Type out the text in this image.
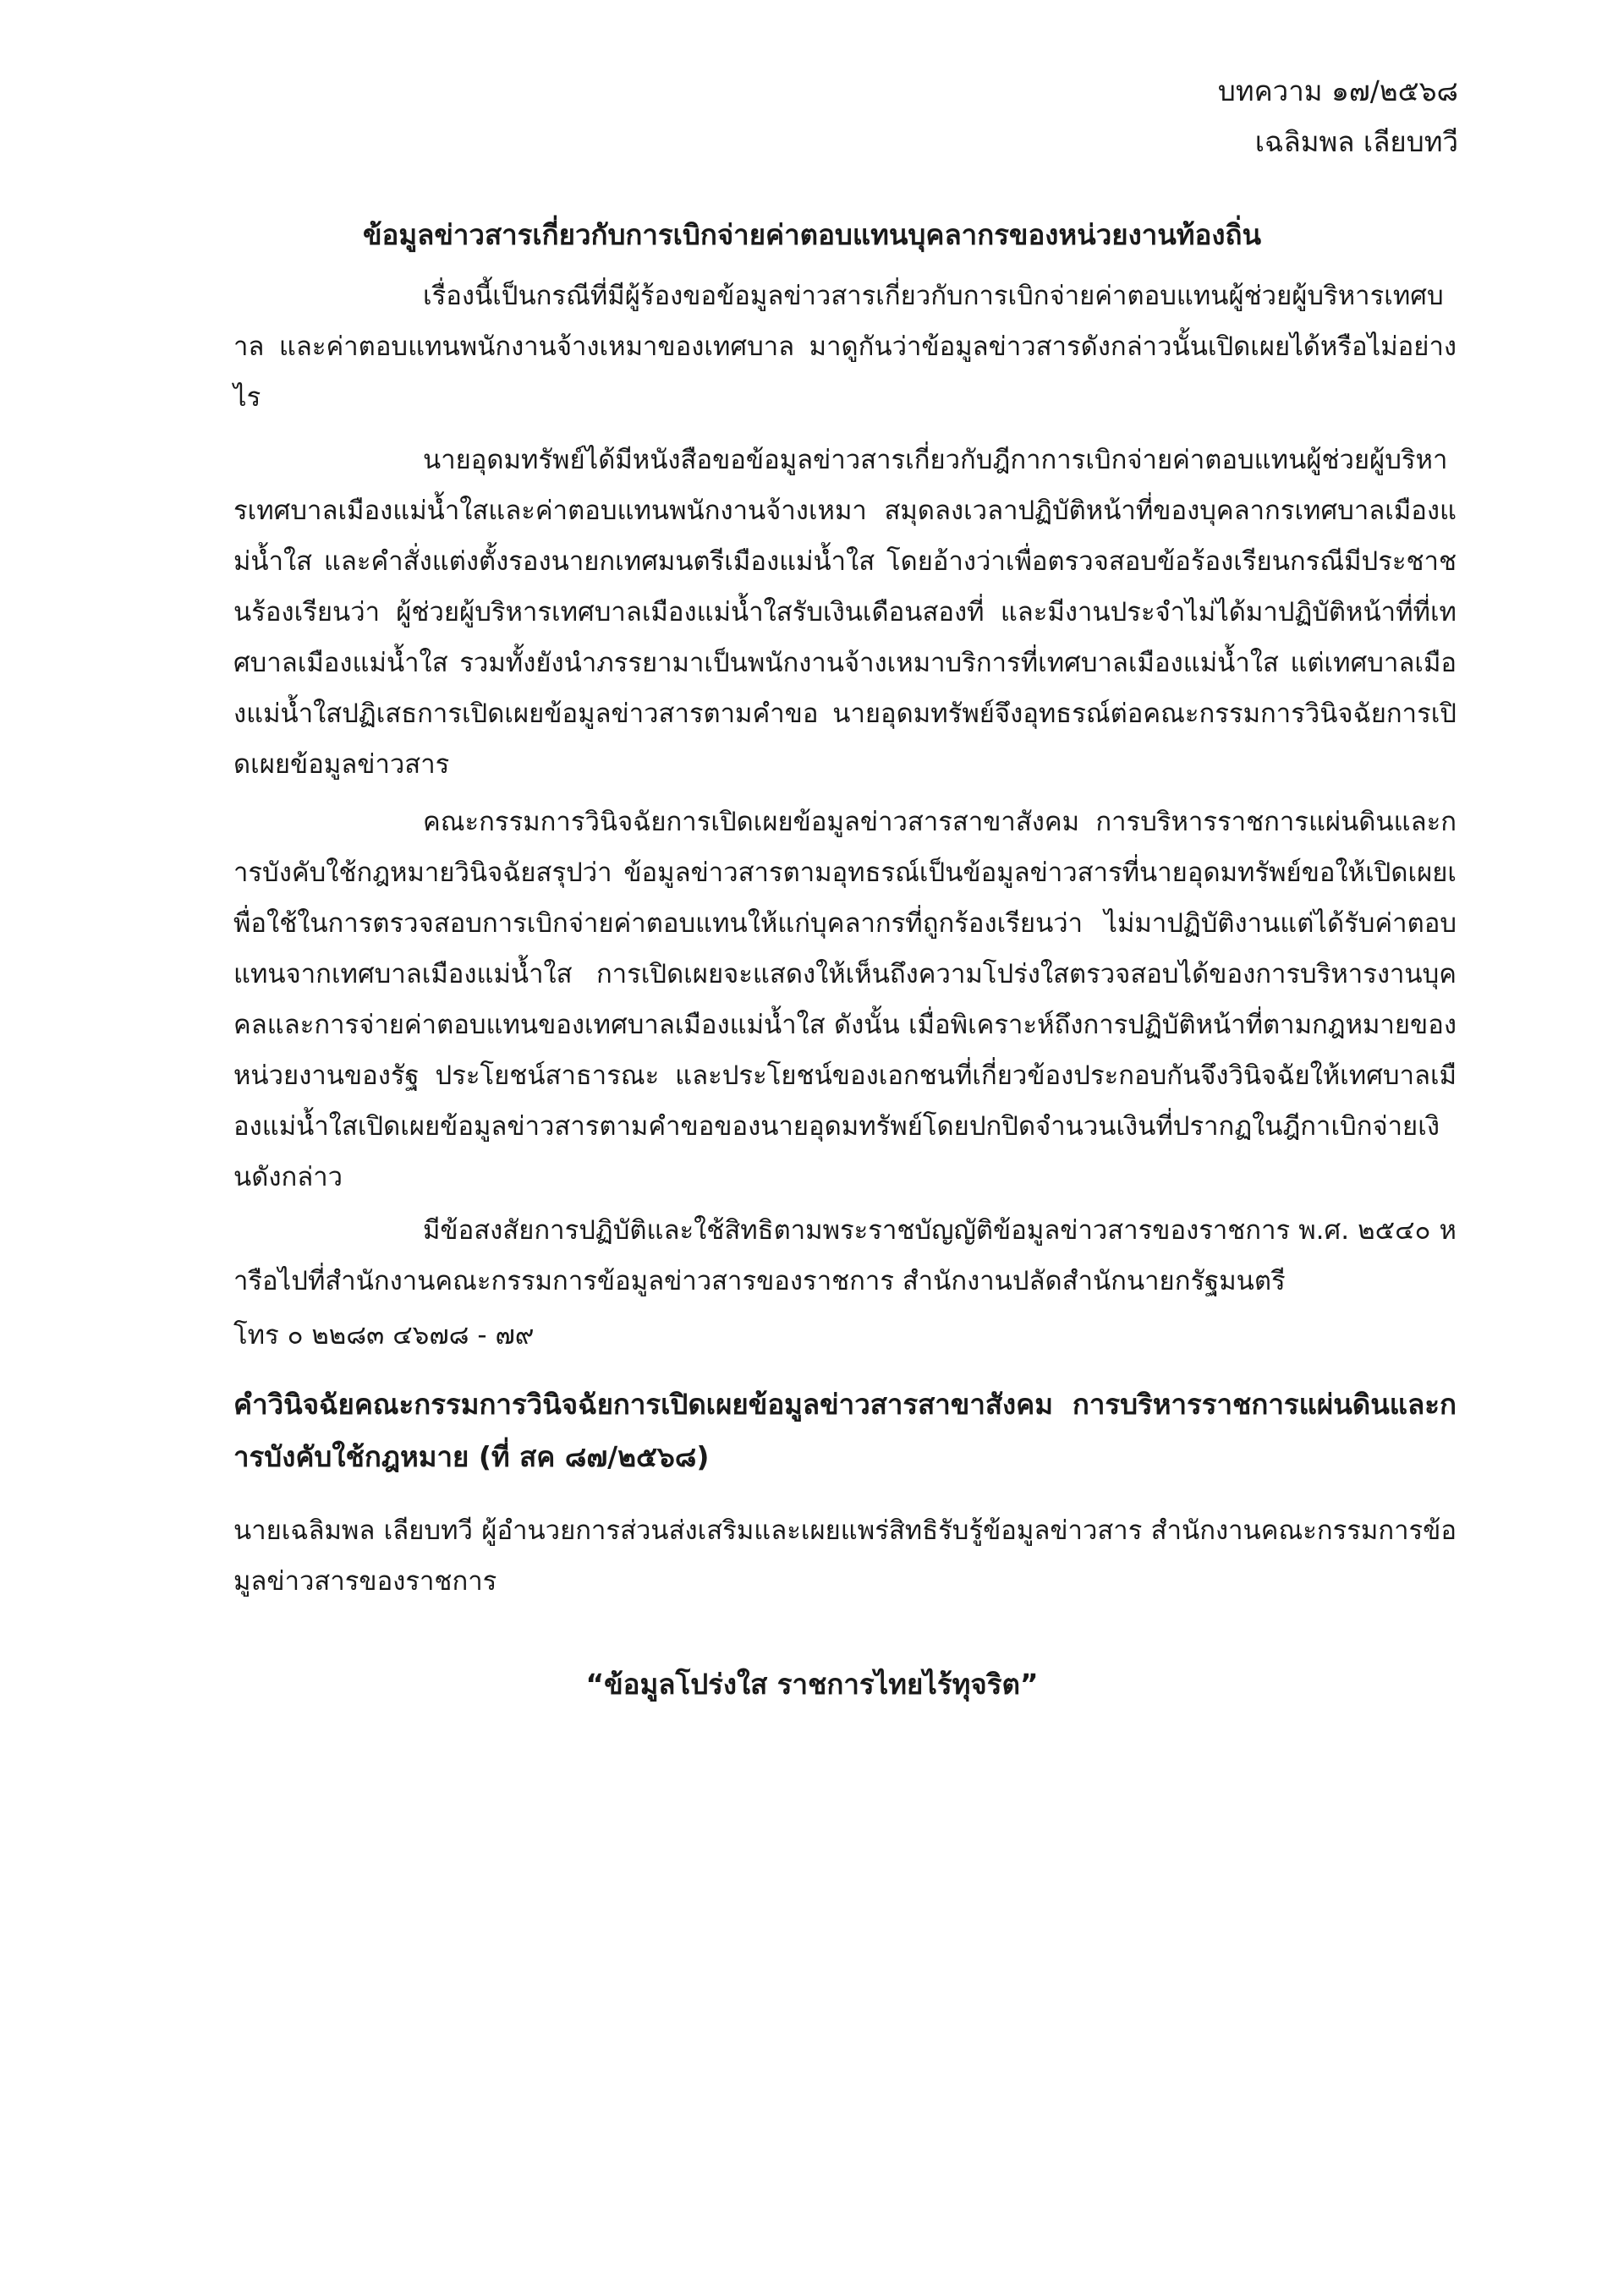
บทความ ๑๗/๒๕๖๘
เฉลิมพล เลียบทวี
ข้อมูลข่าวสารเกี่ยวกับการเบิกจ่ายค่าตอบแทนบุคลากรของหน่วยงานท้องถิ่น
เรื่องนี้เป็นกรณีที่มีผู้ร้องขอข้อมูลข่าวสารเกี่ยวกับการเบิกจ่ายค่าตอบแทนผู้ช่วยผู้บริหารเทศบาล และค่าตอบแทนพนักงานจ้างเหมาของเทศบาล มาดูกันว่าข้อมูลข่าวสารดังกล่าวนั้นเปิดเผยได้หรือไม่อย่างไร
นายอุดมทรัพย์ได้มีหนังสือขอข้อมูลข่าวสารเกี่ยวกับฎีกาการเบิกจ่ายค่าตอบแทนผู้ช่วยผู้บริหารเทศบาลเมืองแม่น้ำใสและค่าตอบแทนพนักงานจ้างเหมา สมุดลงเวลาปฏิบัติหน้าที่ของบุคลากรเทศบาลเมืองแม่น้ำใส และคำสั่งแต่งตั้งรองนายกเทศมนตรีเมืองแม่น้ำใส โดยอ้างว่าเพื่อตรวจสอบข้อร้องเรียนกรณีมีประชาชนร้องเรียนว่า ผู้ช่วยผู้บริหารเทศบาลเมืองแม่น้ำใสรับเงินเดือนสองที่ และมีงานประจำไม่ได้มาปฏิบัติหน้าที่ที่เทศบาลเมืองแม่น้ำใส รวมทั้งยังนำภรรยามาเป็นพนักงานจ้างเหมาบริการที่เทศบาลเมืองแม่น้ำใส แต่เทศบาลเมืองแม่น้ำใสปฏิเสธการเปิดเผยข้อมูลข่าวสารตามคำขอ นายอุดมทรัพย์จึงอุทธรณ์ต่อคณะกรรมการวินิจฉัยการเปิดเผยข้อมูลข่าวสาร
คณะกรรมการวินิจฉัยการเปิดเผยข้อมูลข่าวสารสาขาสังคม การบริหารราชการแผ่นดินและการบังคับใช้กฎหมายวินิจฉัยสรุปว่า ข้อมูลข่าวสารตามอุทธรณ์เป็นข้อมูลข่าวสารที่นายอุดมทรัพย์ขอให้เปิดเผยเพื่อใช้ในการตรวจสอบการเบิกจ่ายค่าตอบแทนให้แก่บุคลากรที่ถูกร้องเรียนว่า ไม่มาปฏิบัติงานแต่ได้รับค่าตอบแทนจากเทศบาลเมืองแม่น้ำใส การเปิดเผยจะแสดงให้เห็นถึงความโปร่งใสตรวจสอบได้ของการบริหารงานบุคคลและการจ่ายค่าตอบแทนของเทศบาลเมืองแม่น้ำใส ดังนั้น เมื่อพิเคราะห์ถึงการปฏิบัติหน้าที่ตามกฎหมายของหน่วยงานของรัฐ ประโยชน์สาธารณะ และประโยชน์ของเอกชนที่เกี่ยวข้องประกอบกันจึงวินิจฉัยให้เทศบาลเมืองแม่น้ำใสเปิดเผยข้อมูลข่าวสารตามคำขอของนายอุดมทรัพย์โดยปกปิดจำนวนเงินที่ปรากฏในฎีกาเบิกจ่ายเงินดังกล่าว
มีข้อสงสัยการปฏิบัติและใช้สิทธิตามพระราชบัญญัติข้อมูลข่าวสารของราชการ พ.ศ. ๒๕๔๐ หารือไปที่สำนักงานคณะกรรมการข้อมูลข่าวสารของราชการ สำนักงานปลัดสำนักนายกรัฐมนตรี
โทร ๐ ๒๒๘๓ ๔๖๗๘ - ๗๙
คำวินิจฉัยคณะกรรมการวินิจฉัยการเปิดเผยข้อมูลข่าวสารสาขาสังคม การบริหารราชการแผ่นดินและการบังคับใช้กฎหมาย (ที่ สค ๘๗/๒๕๖๘)
นายเฉลิมพล เลียบทวี ผู้อำนวยการส่วนส่งเสริมและเผยแพร่สิทธิรับรู้ข้อมูลข่าวสาร สำนักงานคณะกรรมการข้อมูลข่าวสารของราชการ
“ข้อมูลโปร่งใส ราชการไทยไร้ทุจริต”
